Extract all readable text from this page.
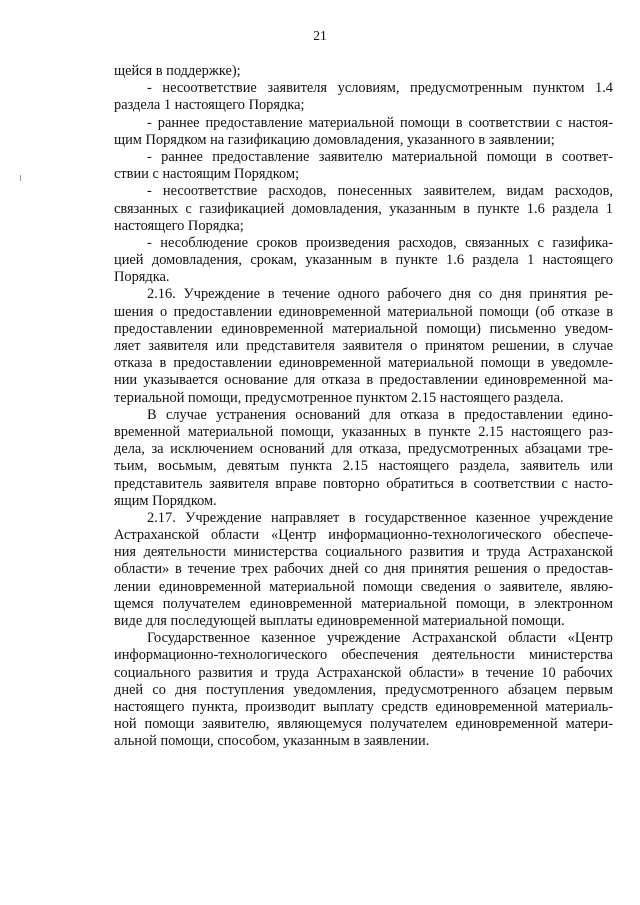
21
щейся в поддержке);
- несоответствие заявителя условиям, предусмотренным пунктом 1.4
раздела 1 настоящего Порядка;
- раннее предоставление материальной помощи в соответствии с настоя-
щим Порядком на газификацию домовладения, указанного в заявлении;
- раннее предоставление заявителю материальной помощи в соответ-
ствии с настоящим Порядком;
- несоответствие расходов, понесенных заявителем, видам расходов,
связанных с газификацией домовладения, указанным в пункте 1.6 раздела 1
настоящего Порядка;
- несоблюдение сроков произведения расходов, связанных с газифика-
цией домовладения, срокам, указанным в пункте 1.6 раздела 1 настоящего
Порядка.
2.16. Учреждение в течение одного рабочего дня со дня принятия ре-
шения о предоставлении единовременной материальной помощи (об отказе в
предоставлении единовременной материальной помощи) письменно уведом-
ляет заявителя или представителя заявителя о принятом решении, в случае
отказа в предоставлении единовременной материальной помощи в уведомле-
нии указывается основание для отказа в предоставлении единовременной ма-
териальной помощи, предусмотренное пунктом 2.15 настоящего раздела.
В случае устранения оснований для отказа в предоставлении едино-
временной материальной помощи, указанных в пункте 2.15 настоящего раз-
дела, за исключением оснований для отказа, предусмотренных абзацами тре-
тьим, восьмым, девятым пункта 2.15 настоящего раздела, заявитель или
представитель заявителя вправе повторно обратиться в соответствии с насто-
ящим Порядком.
2.17. Учреждение направляет в государственное казенное учреждение
Астраханской области «Центр информационно-технологического обеспече-
ния деятельности министерства социального развития и труда Астраханской
области» в течение трех рабочих дней со дня принятия решения о предостав-
лении единовременной материальной помощи сведения о заявителе, являю-
щемся получателем единовременной материальной помощи, в электронном
виде для последующей выплаты единовременной материальной помощи.
Государственное казенное учреждение Астраханской области «Центр
информационно-технологического обеспечения деятельности министерства
социального развития и труда Астраханской области» в течение 10 рабочих
дней со дня поступления уведомления, предусмотренного абзацем первым
настоящего пункта, производит выплату средств единовременной материаль-
ной помощи заявителю, являющемуся получателем единовременной матери-
альной помощи, способом, указанным в заявлении.
